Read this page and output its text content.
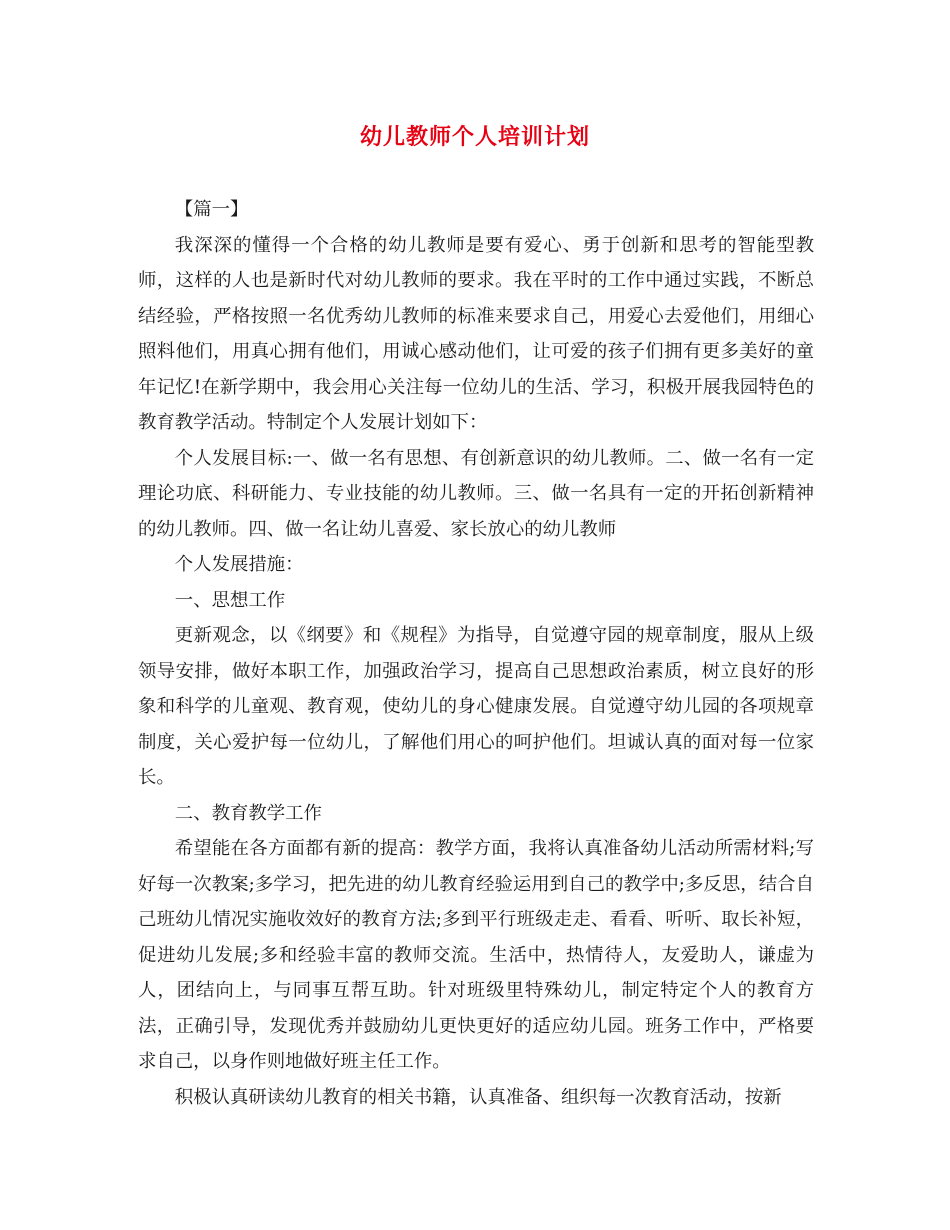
幼儿教师个人培训计划

【篇一】

我深深的懂得一个合格的幼儿教师是要有爱心、勇于创新和思考的智能型教师，这样的人也是新时代对幼儿教师的要求。我在平时的工作中通过实践，不断总结经验，严格按照一名优秀幼儿教师的标准来要求自己，用爱心去爱他们，用细心照料他们，用真心拥有他们，用诚心感动他们，让可爱的孩子们拥有更多美好的童年记忆!在新学期中，我会用心关注每一位幼儿的生活、学习，积极开展我园特色的教育教学活动。特制定个人发展计划如下：

个人发展目标:一、做一名有思想、有创新意识的幼儿教师。二、做一名有一定理论功底、科研能力、专业技能的幼儿教师。三、做一名具有一定的开拓创新精神的幼儿教师。四、做一名让幼儿喜爱、家长放心的幼儿教师

个人发展措施：

一、思想工作

更新观念，以《纲要》和《规程》为指导，自觉遵守园的规章制度，服从上级领导安排，做好本职工作，加强政治学习，提高自己思想政治素质，树立良好的形象和科学的儿童观、教育观，使幼儿的身心健康发展。自觉遵守幼儿园的各项规章制度，关心爱护每一位幼儿，了解他们用心的呵护他们。坦诚认真的面对每一位家长。

二、教育教学工作

希望能在各方面都有新的提高：教学方面，我将认真准备幼儿活动所需材料;写好每一次教案;多学习，把先进的幼儿教育经验运用到自己的教学中;多反思，结合自己班幼儿情况实施收效好的教育方法;多到平行班级走走、看看、听听、取长补短，促进幼儿发展;多和经验丰富的教师交流。生活中，热情待人，友爱助人，谦虚为人，团结向上，与同事互帮互助。针对班级里特殊幼儿，制定特定个人的教育方法，正确引导，发现优秀并鼓励幼儿更快更好的适应幼儿园。班务工作中，严格要求自己，以身作则地做好班主任工作。

积极认真研读幼儿教育的相关书籍，认真准备、组织每一次教育活动，按新
